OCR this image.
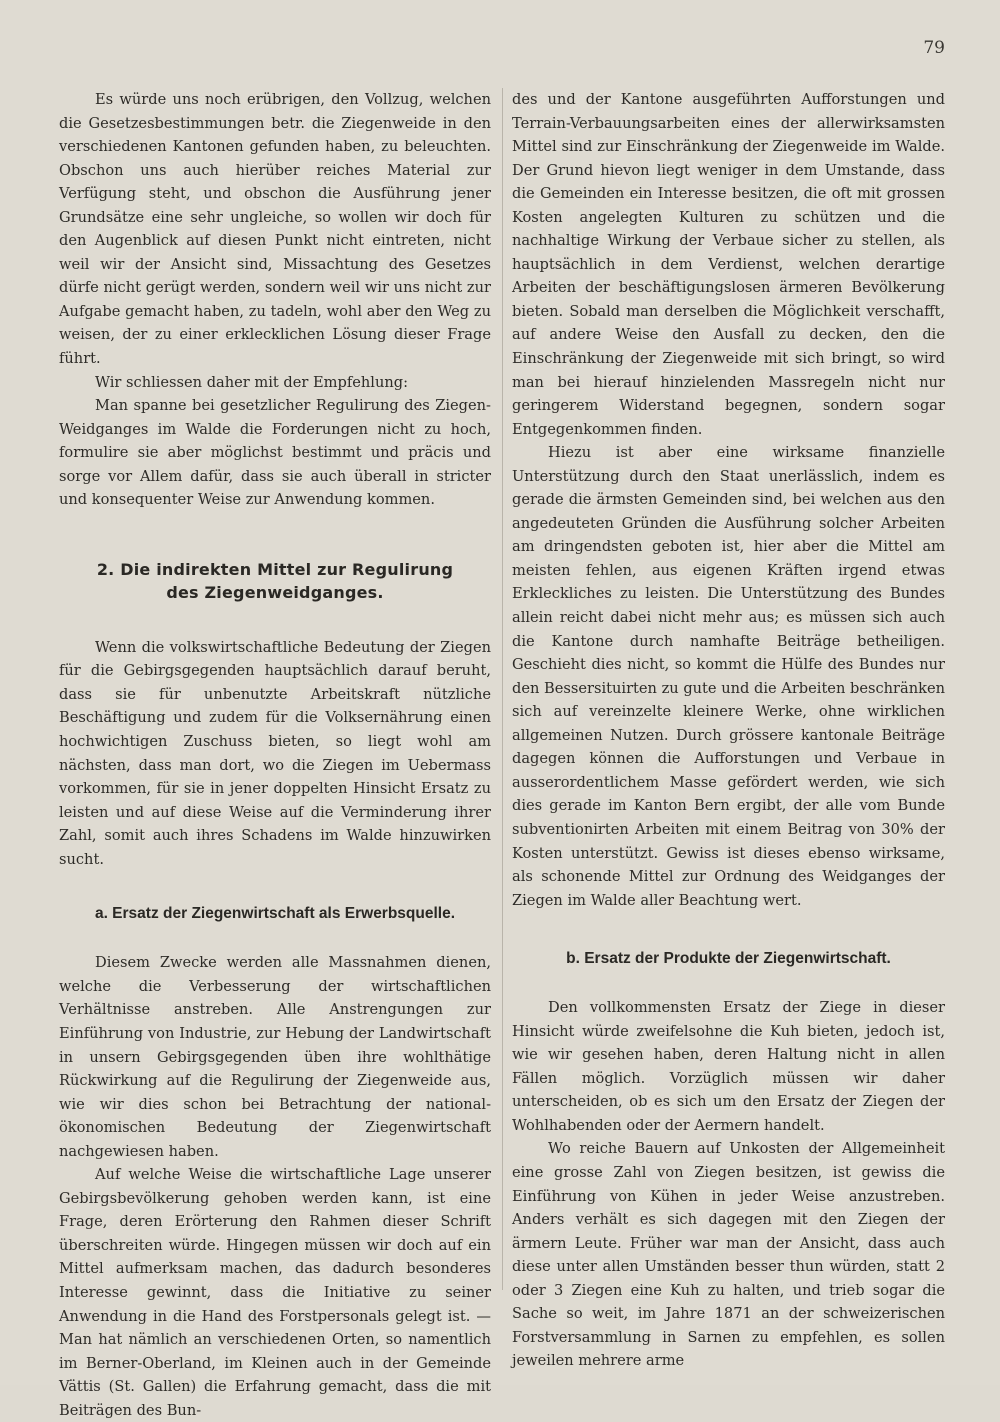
79

Es würde uns noch erübrigen, den Vollzug, welchen die Gesetzesbestimmungen betr. die Ziegenweide in den verschiedenen Kantonen gefunden haben, zu beleuchten. Obschon uns auch hierüber reiches Material zur Verfügung steht, und obschon die Ausführung jener Grundsätze eine sehr ungleiche, so wollen wir doch für den Augenblick auf diesen Punkt nicht eintreten, nicht weil wir der Ansicht sind, Missachtung des Gesetzes dürfe nicht gerügt werden, sondern weil wir uns nicht zur Aufgabe gemacht haben, zu tadeln, wohl aber den Weg zu weisen, der zu einer erklecklichen Lösung dieser Frage führt.

Wir schliessen daher mit der Empfehlung:

Man spanne bei gesetzlicher Regulirung des Ziegen-Weidganges im Walde die Forderungen nicht zu hoch, formulire sie aber möglichst bestimmt und präcis und sorge vor Allem dafür, dass sie auch überall in stricter und konsequenter Weise zur Anwendung kommen.

2. Die indirekten Mittel zur Regulirung
des Ziegenweidganges.

Wenn die volkswirtschaftliche Bedeutung der Ziegen für die Gebirgsgegenden hauptsächlich darauf beruht, dass sie für unbenutzte Arbeitskraft nützliche Beschäftigung und zudem für die Volksernährung einen hochwichtigen Zuschuss bieten, so liegt wohl am nächsten, dass man dort, wo die Ziegen im Uebermass vorkommen, für sie in jener doppelten Hinsicht Ersatz zu leisten und auf diese Weise auf die Verminderung ihrer Zahl, somit auch ihres Schadens im Walde hinzuwirken sucht.

a. Ersatz der Ziegenwirtschaft als Erwerbsquelle.

Diesem Zwecke werden alle Massnahmen dienen, welche die Verbesserung der wirtschaftlichen Verhältnisse anstreben. Alle Anstrengungen zur Einführung von Industrie, zur Hebung der Landwirtschaft in unsern Gebirgsgegenden üben ihre wohlthätige Rückwirkung auf die Regulirung der Ziegenweide aus, wie wir dies schon bei Betrachtung der national-ökonomischen Bedeutung der Ziegenwirtschaft nachgewiesen haben.

Auf welche Weise die wirtschaftliche Lage unserer Gebirgsbevölkerung gehoben werden kann, ist eine Frage, deren Erörterung den Rahmen dieser Schrift überschreiten würde. Hingegen müssen wir doch auf ein Mittel aufmerksam machen, das dadurch besonderes Interesse gewinnt, dass die Initiative zu seiner Anwendung in die Hand des Forstpersonals gelegt ist. — Man hat nämlich an verschiedenen Orten, so namentlich im Berner-Oberland, im Kleinen auch in der Gemeinde Vättis (St. Gallen) die Erfahrung gemacht, dass die mit Beiträgen des Bun-

des und der Kantone ausgeführten Aufforstungen und Terrain-Verbauungsarbeiten eines der allerwirksamsten Mittel sind zur Einschränkung der Ziegenweide im Walde. Der Grund hievon liegt weniger in dem Umstande, dass die Gemeinden ein Interesse besitzen, die oft mit grossen Kosten angelegten Kulturen zu schützen und die nachhaltige Wirkung der Verbaue sicher zu stellen, als hauptsächlich in dem Verdienst, welchen derartige Arbeiten der beschäftigungslosen ärmeren Bevölkerung bieten. Sobald man derselben die Möglichkeit verschafft, auf andere Weise den Ausfall zu decken, den die Einschränkung der Ziegenweide mit sich bringt, so wird man bei hierauf hinzielenden Massregeln nicht nur geringerem Widerstand begegnen, sondern sogar Entgegenkommen finden.

Hiezu ist aber eine wirksame finanzielle Unterstützung durch den Staat unerlässlich, indem es gerade die ärmsten Gemeinden sind, bei welchen aus den angedeuteten Gründen die Ausführung solcher Arbeiten am dringendsten geboten ist, hier aber die Mittel am meisten fehlen, aus eigenen Kräften irgend etwas Erkleckliches zu leisten. Die Unterstützung des Bundes allein reicht dabei nicht mehr aus; es müssen sich auch die Kantone durch namhafte Beiträge betheiligen. Geschieht dies nicht, so kommt die Hülfe des Bundes nur den Bessersituirten zu gute und die Arbeiten beschränken sich auf vereinzelte kleinere Werke, ohne wirklichen allgemeinen Nutzen. Durch grössere kantonale Beiträge dagegen können die Aufforstungen und Verbaue in ausserordentlichem Masse gefördert werden, wie sich dies gerade im Kanton Bern ergibt, der alle vom Bunde subventionirten Arbeiten mit einem Beitrag von 30% der Kosten unterstützt. Gewiss ist dieses ebenso wirksame, als schonende Mittel zur Ordnung des Weidganges der Ziegen im Walde aller Beachtung wert.

b. Ersatz der Produkte der Ziegenwirtschaft.

Den vollkommensten Ersatz der Ziege in dieser Hinsicht würde zweifelsohne die Kuh bieten, jedoch ist, wie wir gesehen haben, deren Haltung nicht in allen Fällen möglich. Vorzüglich müssen wir daher unterscheiden, ob es sich um den Ersatz der Ziegen der Wohlhabenden oder der Aermern handelt.

Wo reiche Bauern auf Unkosten der Allgemeinheit eine grosse Zahl von Ziegen besitzen, ist gewiss die Einführung von Kühen in jeder Weise anzustreben. Anders verhält es sich dagegen mit den Ziegen der ärmern Leute. Früher war man der Ansicht, dass auch diese unter allen Umständen besser thun würden, statt 2 oder 3 Ziegen eine Kuh zu halten, und trieb sogar die Sache so weit, im Jahre 1871 an der schweizerischen Forstversammlung in Sarnen zu empfehlen, es sollen jeweilen mehrere arme
